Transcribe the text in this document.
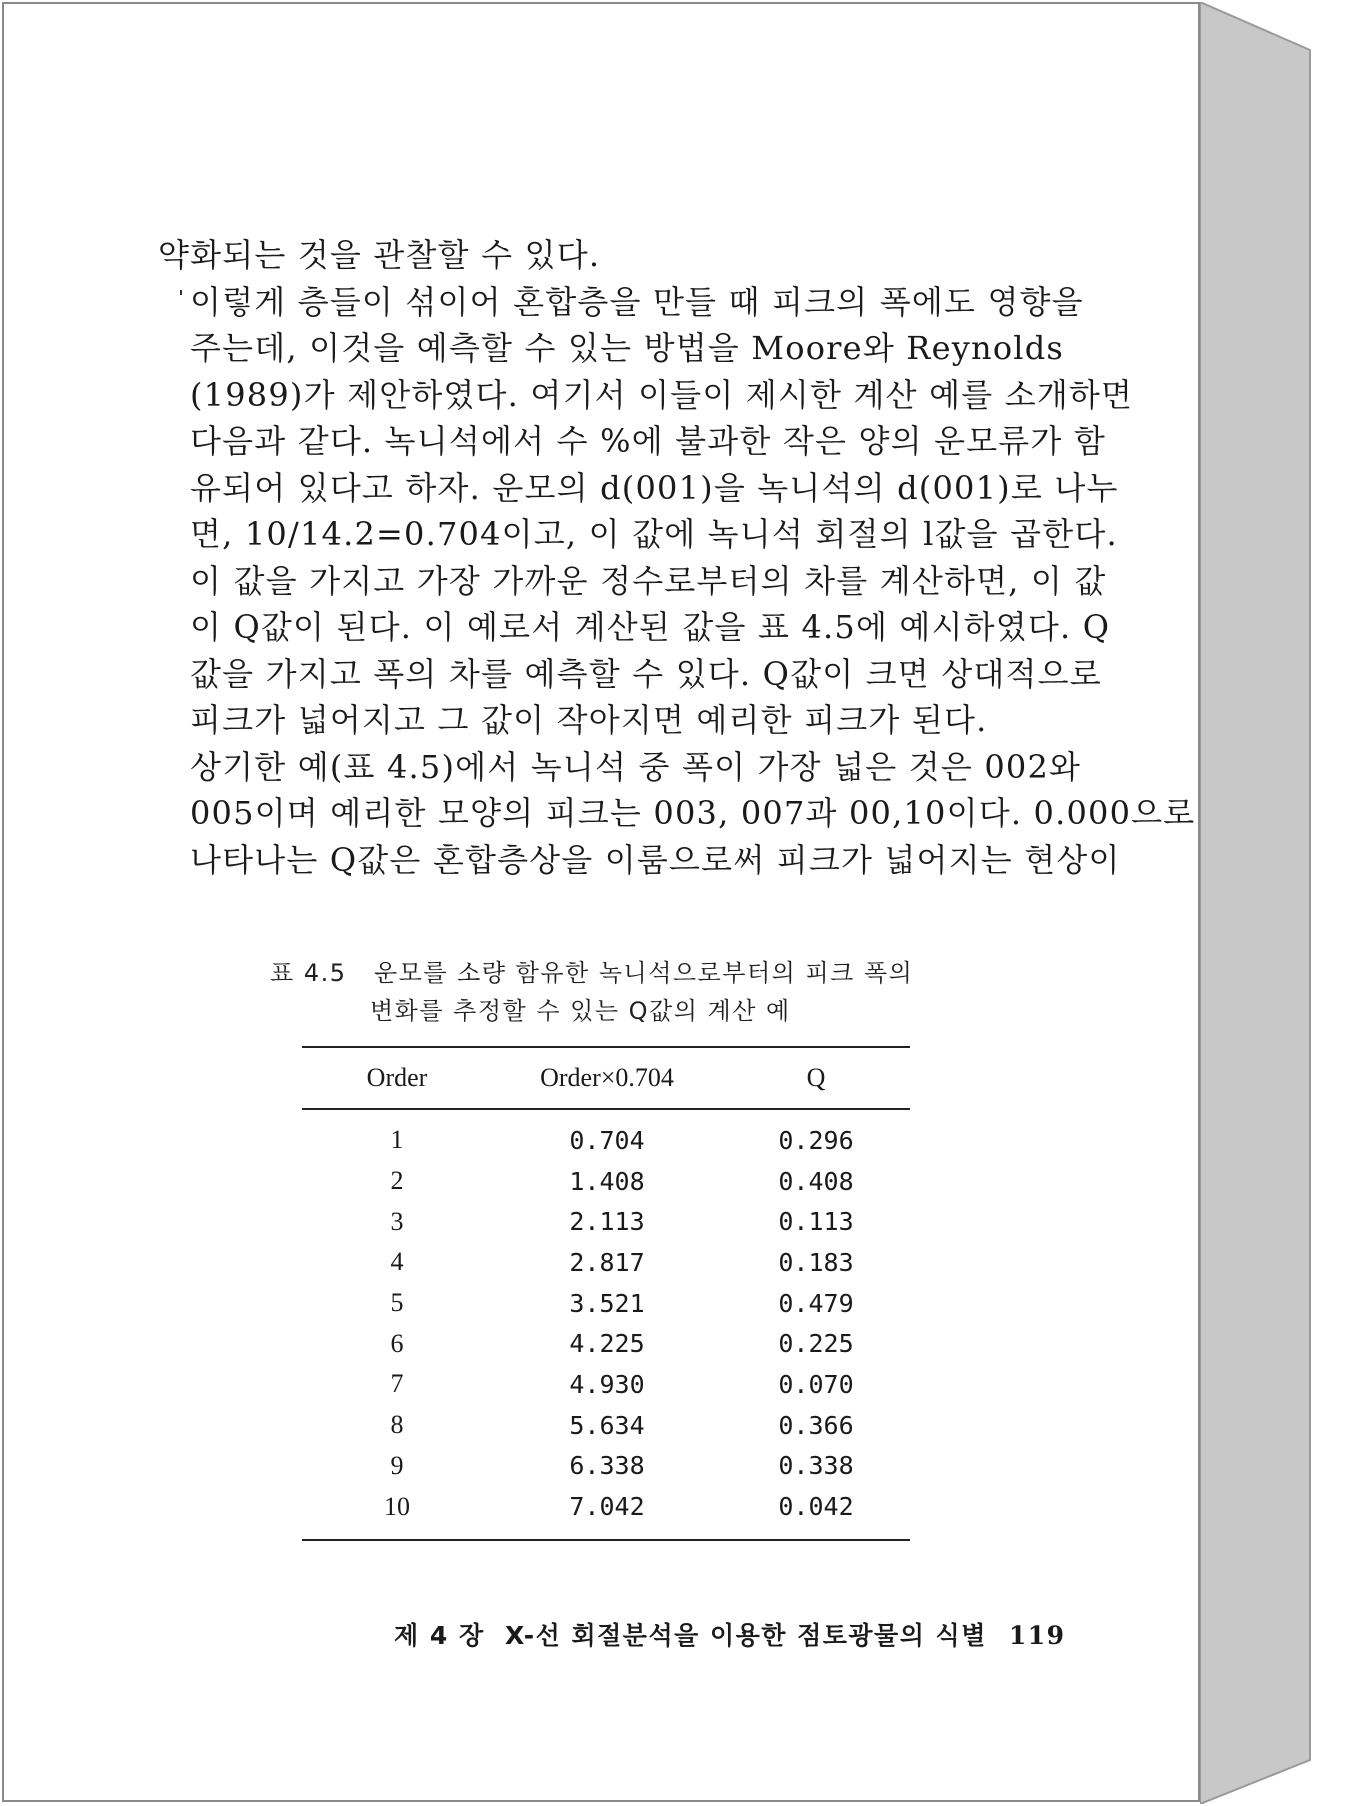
약화되는 것을 관찰할 수 있다.

이렇게 층들이 섞이어 혼합층을 만들 때 피크의 폭에도 영향을
주는데, 이것을 예측할 수 있는 방법을 Moore와 Reynolds
(1989)가 제안하였다. 여기서 이들이 제시한 계산 예를 소개하면
다음과 같다. 녹니석에서 수 %에 불과한 작은 양의 운모류가 함
유되어 있다고 하자. 운모의 d(001)을 녹니석의 d(001)로 나누
면, 10/14.2=0.704이고, 이 값에 녹니석 회절의 l값을 곱한다.
이 값을 가지고 가장 가까운 정수로부터의 차를 계산하면, 이 값
이 Q값이 된다. 이 예로서 계산된 값을 표 4.5에 예시하였다. Q
값을 가지고 폭의 차를 예측할 수 있다. Q값이 크면 상대적으로
피크가 넓어지고 그 값이 작아지면 예리한 피크가 된다.

상기한 예(표 4.5)에서 녹니석 중 폭이 가장 넓은 것은 002와
005이며 예리한 모양의 피크는 003, 007과 00,10이다. 0.000으로
나타나는 Q값은 혼합층상을 이룸으로써 피크가 넓어지는 현상이

표 4.5 운모를 소량 함유한 녹니석으로부터의 피크 폭의
변화를 추정할 수 있는 Q값의 계산 예
Order	Order×0.704	Q
1	0.704	0.296
2	1.408	0.408
3	2.113	0.113
4	2.817	0.183
5	3.521	0.479
6	4.225	0.225
7	4.930	0.070
8	5.634	0.366
9	6.338	0.338
10	7.042	0.042
제 4 장 X-선 회절분석을 이용한 점토광물의 식별 119
